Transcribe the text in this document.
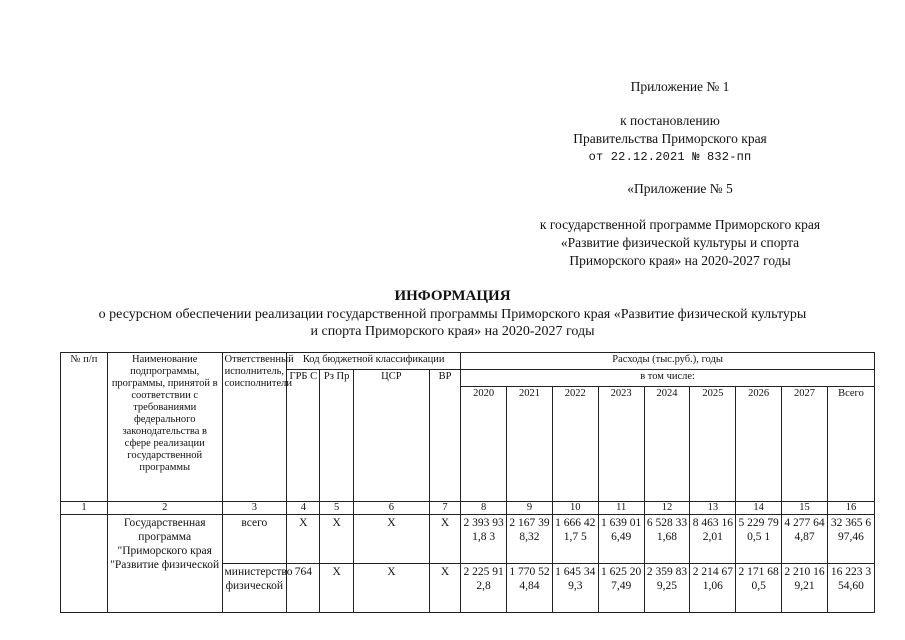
Приложение № 1
к постановлению
Правительства Приморского края
от 22.12.2021 № 832-пп
«Приложение № 5
к государственной программе Приморского края
«Развитие физической культуры и спорта
Приморского края» на 2020-2027 годы
ИНФОРМАЦИЯ
о ресурсном обеспечении реализации государственной программы Приморского края «Развитие физической культуры
и спорта Приморского края» на 2020-2027 годы
№ п/п	Наименование подпрограммы, программы, принятой в соответствии с требованиями федерального законодательства в сфере реализации государственной программы	Ответственный исполнитель, соисполнители	Код бюджетной классификации				Расходы (тыс.руб.), годы								
			ГРБ С	Рз Пр	ЦСР	ВР	в том числе:								
							2020	2021	2022	2023	2024	2025	2026	2027	Всего
1	2	3	4	5	6	7	8	9	10	11	12	13	14	15	16
	Государственная программа "Приморского края "Развитие физической	всего	X	X	X	X	2 393 931,8 3	2 167 398,32	1 666 421,7 5	1 639 016,49	6 528 331,68	8 463 162,01	5 229 790,5 1	4 277 644,87	32 365 697,46
		министерство физической	764	X	X	X	2 225 912,8	1 770 524,84	1 645 349,3	1 625 207,49	2 359 839,25	2 214 671,06	2 171 680,5	2 210 169,21	16 223 354,60
